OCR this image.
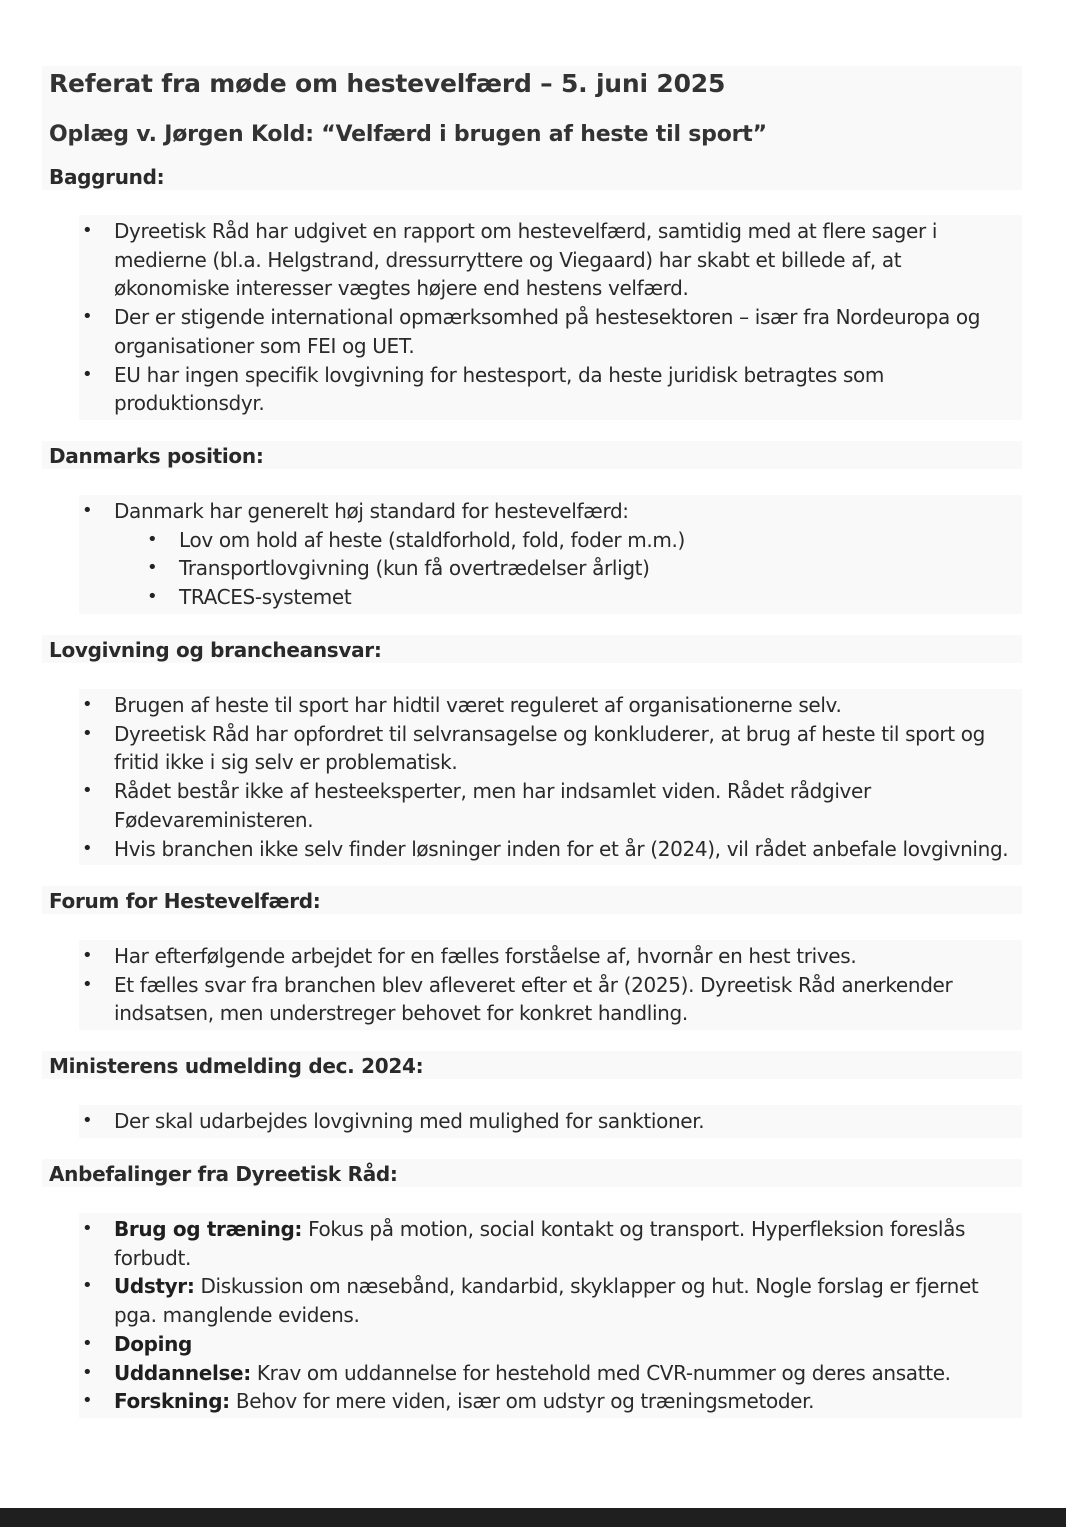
Referat fra møde om hestevelfærd – 5. juni 2025
Oplæg v. Jørgen Kold: “Velfærd i brugen af heste til sport”
Baggrund:
• Dyreetisk Råd har udgivet en rapport om hestevelfærd, samtidig med at flere sager i medierne (bl.a. Helgstrand, dressurryttere og Viegaard) har skabt et billede af, at økonomiske interesser vægtes højere end hestens velfærd.
• Der er stigende international opmærksomhed på hestesektoren – især fra Nordeuropa og organisationer som FEI og UET.
• EU har ingen specifik lovgivning for hestesport, da heste juridisk betragtes som produktionsdyr.
Danmarks position:
• Danmark har generelt høj standard for hestevelfærd:
• Lov om hold af heste (staldforhold, fold, foder m.m.)
• Transportlovgivning (kun få overtrædelser årligt)
• TRACES-systemet
Lovgivning og brancheansvar:
• Brugen af heste til sport har hidtil været reguleret af organisationerne selv.
• Dyreetisk Råd har opfordret til selvransagelse og konkluderer, at brug af heste til sport og fritid ikke i sig selv er problematisk.
• Rådet består ikke af hesteeksperter, men har indsamlet viden. Rådet rådgiver Fødevareministeren.
• Hvis branchen ikke selv finder løsninger inden for et år (2024), vil rådet anbefale lovgivning.
Forum for Hestevelfærd:
• Har efterfølgende arbejdet for en fælles forståelse af, hvornår en hest trives.
• Et fælles svar fra branchen blev afleveret efter et år (2025). Dyreetisk Råd anerkender indsatsen, men understreger behovet for konkret handling.
Ministerens udmelding dec. 2024:
• Der skal udarbejdes lovgivning med mulighed for sanktioner.
Anbefalinger fra Dyreetisk Råd:
• Brug og træning: Fokus på motion, social kontakt og transport. Hyperfleksion foreslås forbudt.
• Udstyr: Diskussion om næsebånd, kandarbid, skyklapper og hut. Nogle forslag er fjernet pga. manglende evidens.
• Doping
• Uddannelse: Krav om uddannelse for hestehold med CVR-nummer og deres ansatte.
• Forskning: Behov for mere viden, især om udstyr og træningsmetoder.
